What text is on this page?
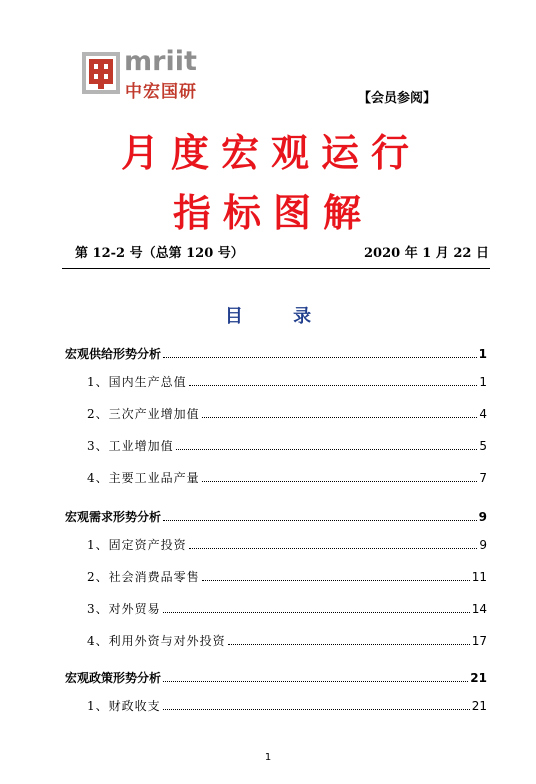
mriit
中宏国研	【会员参阅】
月度宏观运行
指标图解
第 12-2 号（总第 120 号）	2020 年 1 月 22 日
目 录
宏观供给形势分析	1
1、国内生产总值	1
2、三次产业增加值	4
3、工业增加值	5
4、主要工业品产量	7
宏观需求形势分析	9
1、固定资产投资	9
2、社会消费品零售	11
3、对外贸易	14
4、利用外资与对外投资	17
宏观政策形势分析	21
1、财政收支	21
1
